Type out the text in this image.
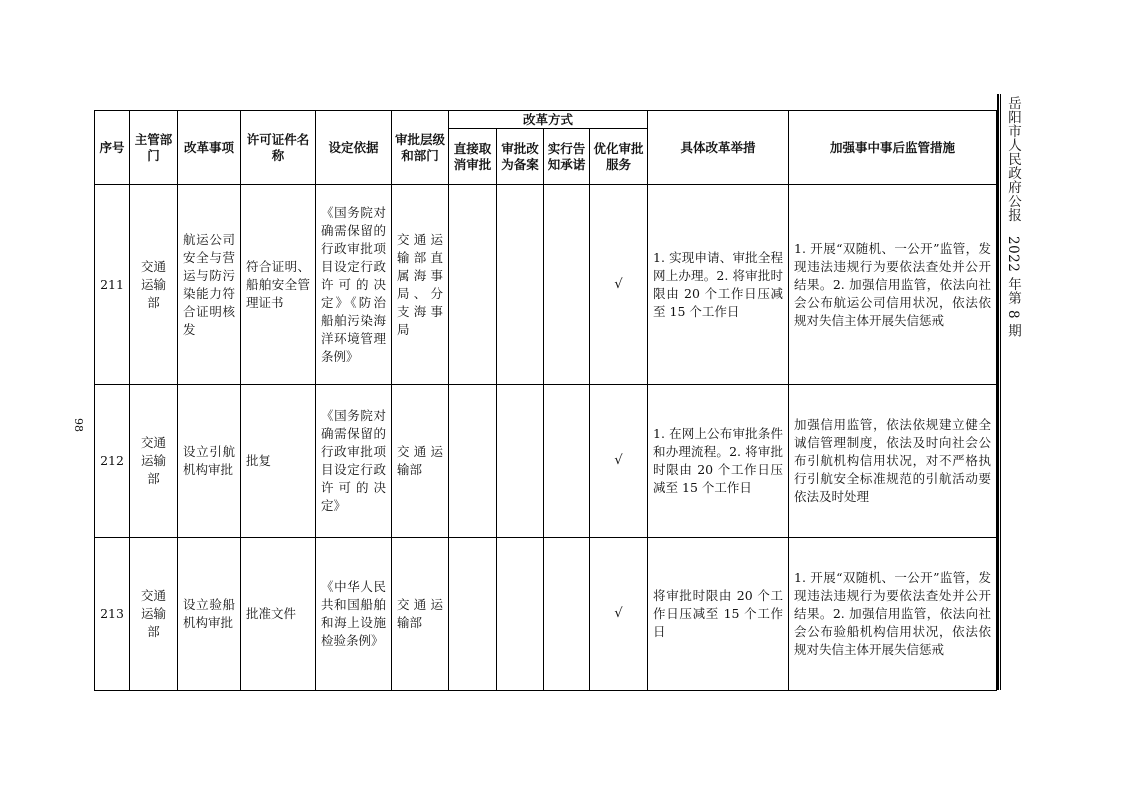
98
岳阳市人民政府公报2022 年第 8 期
序号	主管部门	改革事项	许可证件名称	设定依据	审批层级和部门	改革方式				具体改革举措	加强事中事后监管措施
						直接取消审批	审批改为备案	实行告知承诺	优化审批服务		
211	交通运输部	航运公司安全与营运与防污染能力符合证明核发	符合证明、船舶安全管理证书	《国务院对确需保留的行政审批项目设定行政许可的决定》《防治船舶污染海洋环境管理条例》	交通运输部直属海事局、分支海事局				√	1. 实现申请、审批全程网上办理。2. 将审批时限由 20 个工作日压减至 15 个工作日	1. 开展“双随机、一公开”监管，发现违法违规行为要依法查处并公开结果。2. 加强信用监管，依法向社会公布航运公司信用状况，依法依规对失信主体开展失信惩戒
212	交通运输部	设立引航机构审批	批复	《国务院对确需保留的行政审批项目设定行政许可的决定》	交通运输部				√	1. 在网上公布审批条件和办理流程。2. 将审批时限由 20 个工作日压减至 15 个工作日	加强信用监管，依法依规建立健全诚信管理制度，依法及时向社会公布引航机构信用状况，对不严格执行引航安全标准规范的引航活动要依法及时处理
213	交通运输部	设立验船机构审批	批准文件	《中华人民共和国船舶和海上设施检验条例》	交通运输部				√	将审批时限由 20 个工作日压减至 15 个工作日	1. 开展“双随机、一公开”监管，发现违法违规行为要依法查处并公开结果。2. 加强信用监管，依法向社会公布验船机构信用状况，依法依规对失信主体开展失信惩戒
